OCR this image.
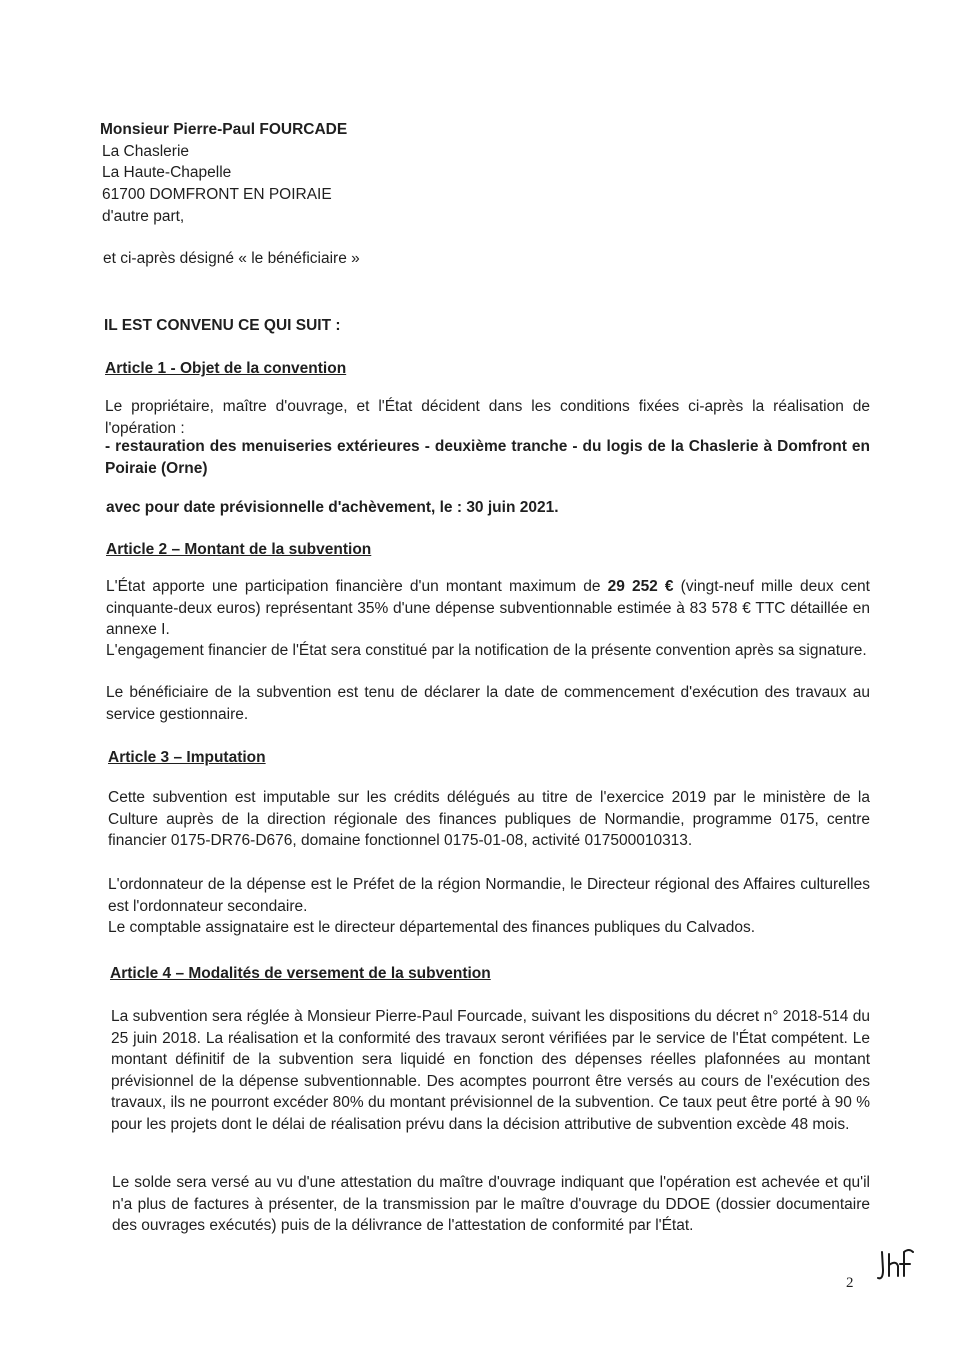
Monsieur Pierre-Paul FOURCADE
La Chaslerie
La Haute-Chapelle
61700 DOMFRONT EN POIRAIE
d'autre part,
et ci-après désigné « le bénéficiaire »
IL EST CONVENU CE QUI SUIT :
Article 1 - Objet de la convention
Le propriétaire, maître d'ouvrage, et l'État décident dans les conditions fixées ci-après la réalisation de l'opération :
- restauration des menuiseries extérieures - deuxième tranche - du logis de la Chaslerie à Domfront en Poiraie (Orne)
avec pour date prévisionnelle d'achèvement, le : 30 juin 2021.
Article 2 – Montant de la subvention
L'État apporte une participation financière d'un montant maximum de 29 252 € (vingt-neuf mille deux cent cinquante-deux euros) représentant 35% d'une dépense subventionnable estimée à 83 578 € TTC détaillée en annexe I.
L'engagement financier de l'État sera constitué par la notification de la présente convention après sa signature.
Le bénéficiaire de la subvention est tenu de déclarer la date de commencement d'exécution des travaux au service gestionnaire.
Article 3 – Imputation
Cette subvention est imputable sur les crédits délégués au titre de l'exercice 2019 par le ministère de la Culture auprès de la direction régionale des finances publiques de Normandie, programme 0175, centre financier 0175-DR76-D676, domaine fonctionnel 0175-01-08, activité 017500010313.
L'ordonnateur de la dépense est le Préfet de la région Normandie, le Directeur régional des Affaires culturelles est l'ordonnateur secondaire.
Le comptable assignataire est le directeur départemental des finances publiques du Calvados.
Article 4 – Modalités de versement de la subvention
La subvention sera réglée à Monsieur Pierre-Paul Fourcade, suivant les dispositions du décret n° 2018-514 du 25 juin 2018. La réalisation et la conformité des travaux seront vérifiées par le service de l'État compétent. Le montant définitif de la subvention sera liquidé en fonction des dépenses réelles plafonnées au montant prévisionnel de la dépense subventionnable. Des acomptes pourront être versés au cours de l'exécution des travaux, ils ne pourront excéder 80% du montant prévisionnel de la subvention. Ce taux peut être porté à 90 % pour les projets dont le délai de réalisation prévu dans la décision attributive de subvention excède 48 mois.
Le solde sera versé au vu d'une attestation du maître d'ouvrage indiquant que l'opération est achevée et qu'il n'a plus de factures à présenter, de la transmission par le maître d'ouvrage du DDOE (dossier documentaire des ouvrages exécutés) puis de la délivrance de l'attestation de conformité par l'État.
2
